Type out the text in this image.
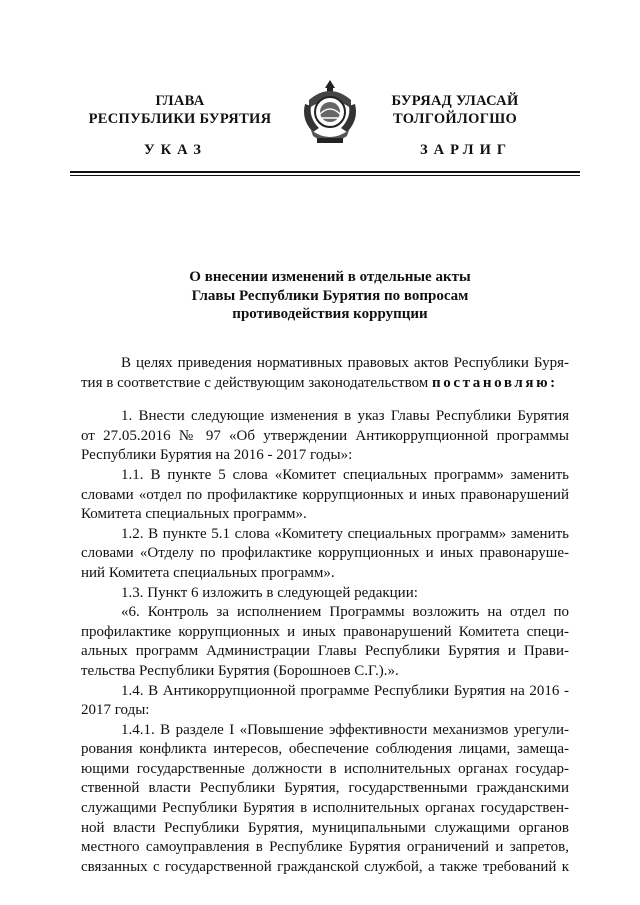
ГЛАВА
РЕСПУБЛИКИ БУРЯТИЯ
БУРЯАД УЛАСАЙ
ТОЛГОЙЛОГШО
УКАЗ	ЗАРЛИГ
О внесении изменений в отдельные акты
Главы Республики Бурятия по вопросам
противодействия коррупции
В целях приведения нормативных правовых актов Республики Буря-
тия в соответствие с действующим законодательством постановляю:
1. Внести следующие изменения в указ Главы Республики Бурятия
от 27.05.2016 № 97 «Об утверждении Антикоррупционной программы
Республики Бурятия на 2016 - 2017 годы»:
1.1. В пункте 5 слова «Комитет специальных программ» заменить
словами «отдел по профилактике коррупционных и иных правонарушений
Комитета специальных программ».
1.2. В пункте 5.1 слова «Комитету специальных программ» заменить
словами «Отделу по профилактике коррупционных и иных правонаруше-
ний Комитета специальных программ».
1.3. Пункт 6 изложить в следующей редакции:
«6. Контроль за исполнением Программы возложить на отдел по
профилактике коррупционных и иных правонарушений Комитета специ-
альных программ Администрации Главы Республики Бурятия и Прави-
тельства Республики Бурятия (Борошноев С.Г.).».
1.4. В Антикоррупционной программе Республики Бурятия на 2016 -
2017 годы:
1.4.1. В разделе I «Повышение эффективности механизмов урегули-
рования конфликта интересов, обеспечение соблюдения лицами, замеща-
ющими государственные должности в исполнительных органах государ-
ственной власти Республики Бурятия, государственными гражданскими
служащими Республики Бурятия в исполнительных органах государствен-
ной власти Республики Бурятия, муниципальными служащими органов
местного самоуправления в Республике Бурятия ограничений и запретов,
связанных с государственной гражданской службой, а также требований к
